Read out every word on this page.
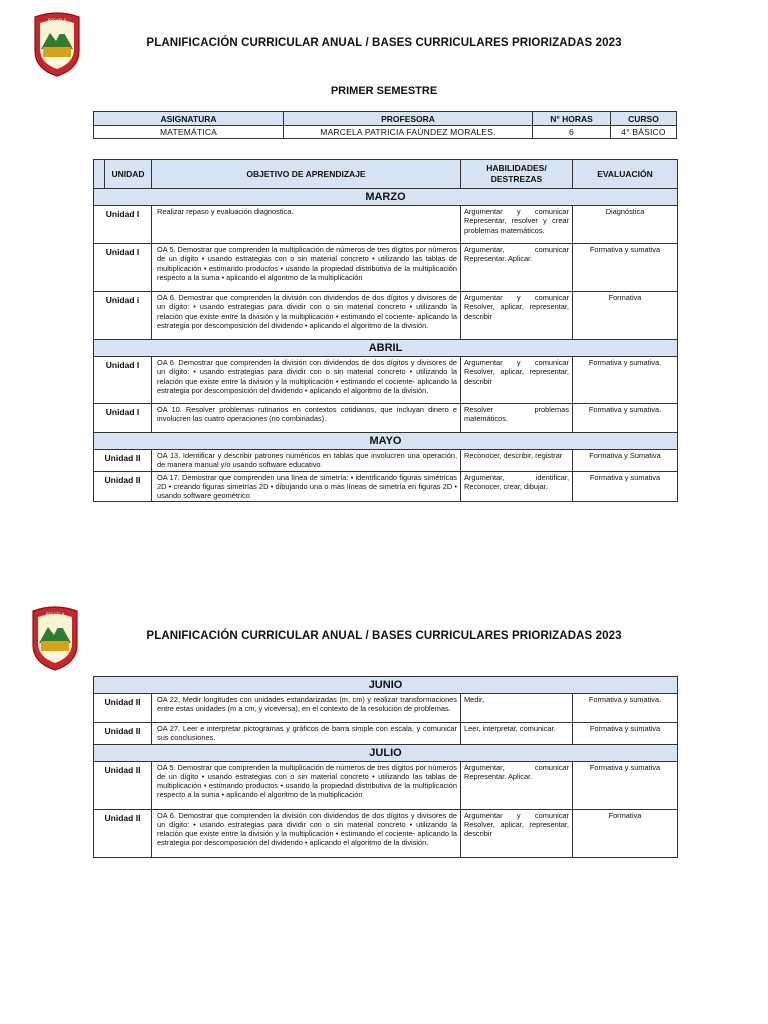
ESCUELA
D-408
PLANIFICACIÓN CURRICULAR ANUAL / BASES CURRICULARES PRIORIZADAS 2023
PRIMER SEMESTRE
ASIGNATURA	PROFESORA	N° HORAS	CURSO
MATEMÁTICA	MARCELA PATRICIA FAÚNDEZ MORALES.	6	4° BÁSICO
	UNIDAD	OBJETIVO DE APRENDIZAJE	HABILIDADES/
DESTREZAS	EVALUACIÓN
MARZO				
Unidad I		Realizar repaso y evaluación diagnostica.	Argumentar y comunicar Representar, resolver y crear problemas matemáticos.	Diagnóstica
Unidad I		OA 5. Demostrar que comprenden la multiplicación de números de tres dígitos por números de un dígito • usando estrategias con o sin material concreto • utilizando las tablas de multiplicación • estimando productos • usando la propiedad distributiva de la multiplicación respecto a la suma • aplicando el algoritmo de la multiplicación	Argumentar, comunicar Representar. Aplicar.	Formativa y sumativa
Unidad i		OA 6. Demostrar que comprenden la división con dividendos de dos dígitos y divisores de un dígito: • usando estrategias para dividir con o sin material concreto • utilizando la relación que existe entre la división y la multiplicación • estimando el cociente- aplicando la estrategia por descomposición del dividendo • aplicando el algoritmo de la división.	Argumentar y comunicar Resolver, aplicar, representar, describir	Formativa
ABRIL				
Unidad I		OA 6. Demostrar que comprenden la división con dividendos de dos dígitos y divisores de un dígito: • usando estrategias para dividir con o sin material concreto • utilizando la relación que existe entre la división y la multiplicación • estimando el cociente- aplicando la estrategia por descomposición del dividendo • aplicando el algoritmo de la división.	Argumentar y comunicar Resolver, aplicar, representar, describir	Formativa y sumativa.
Unidad I		OA 10. Resolver problemas rutinarios en contextos cotidianos, que incluyan dinero e involucren las cuatro operaciones (no combinadas).	Resolver problemas matemáticos.	Formativa y sumativa.
MAYO				
Unidad II		OA 13. Identificar y describir patrones numéricos en tablas que involucren una operación, de manera manual y/o usando software educativo.	Reconocer, describir, registrar	Formativa y Sumativa
Unidad II		OA 17. Demostrar que comprenden una línea de simetría: • identificando figuras simétricas 2D • creando figuras simetrías 2D • dibujando una o más líneas de simetría en figuras 2D • usando software geométrico	Argumentar, identificar, Reconocer, crear, dibujar.	Formativa y sumativa
ESCUELA
D-408
PLANIFICACIÓN CURRICULAR ANUAL / BASES CURRICULARES PRIORIZADAS 2023
JUNIO			
Unidad II	OA 22. Medir longitudes con unidades estandarizadas (m, cm) y realizar transformaciones entre estas unidades (m a cm, y viceversa), en el contexto de la resolución de problemas.	Medir,	Formativa y sumativa.
Unidad II	OA 27. Leer e interpretar pictogramas y gráficos de barra simple con escala, y comunicar sus conclusiones.	Leer, interpretar, comunicar.	Formativa y sumativa
JULIO			
Unidad II	OA 5. Demostrar que comprenden la multiplicación de números de tres dígitos por números de un dígito • usando estrategias con o sin material concreto • utilizando las tablas de multiplicación • estimando productos • usando la propiedad distributiva de la multiplicación respecto a la suma • aplicando el algoritmo de la multiplicación	Argumentar, comunicar Representar. Aplicar.	Formativa y sumativa
Unidad II	OA 6. Demostrar que comprenden la división con dividendos de dos dígitos y divisores de un dígito: • usando estrategias para dividir con o sin material concreto • utilizando la relación que existe entre la división y la multiplicación • estimando el cociente- aplicando la estrategia por descomposición del dividendo • aplicando el algoritmo de la división.	Argumentar y comunicar Resolver, aplicar, representar, describir	Formativa
